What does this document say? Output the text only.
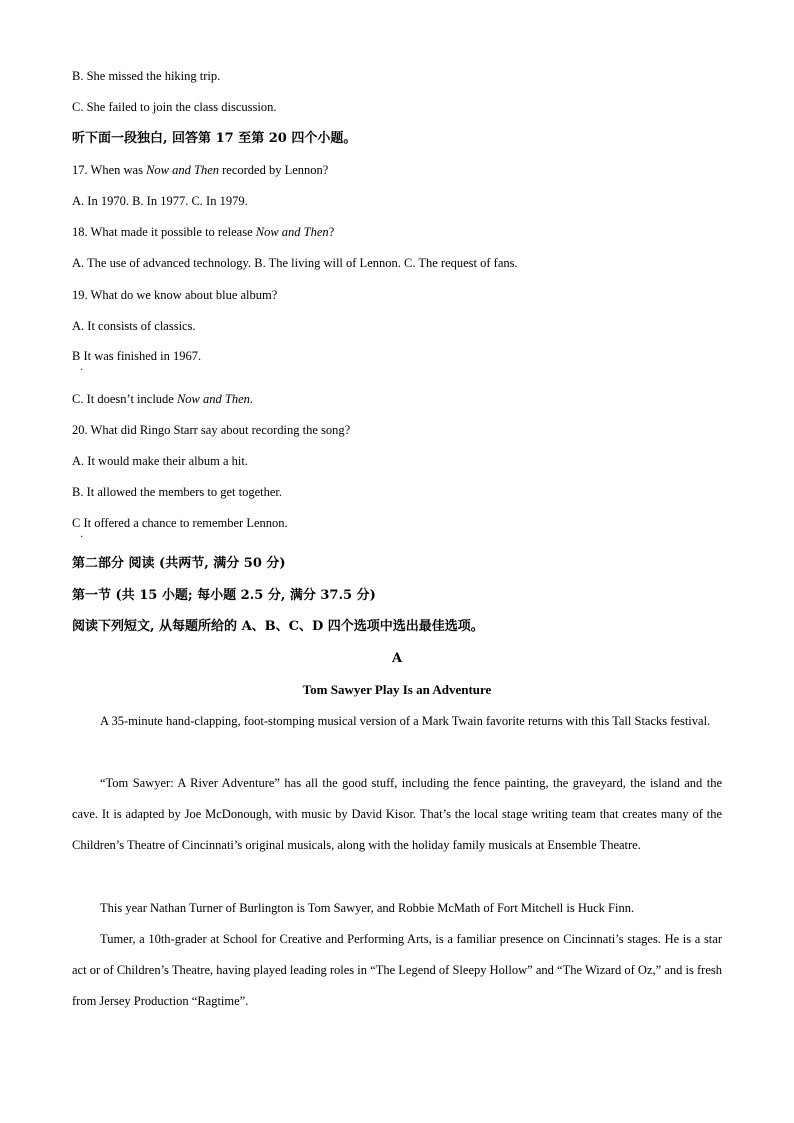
B. She missed the hiking trip.
C. She failed to join the class discussion.
听下面一段独白, 回答第 17 至第 20 四个小题。
17. When was Now and Then recorded by Lennon?
A. In 1970. B. In 1977. C. In 1979.
18. What made it possible to release Now and Then?
A. The use of advanced technology. B. The living will of Lennon. C. The request of fans.
19. What do we know about blue album?
A. It consists of classics.
B It was finished in 1967.
·
C. It doesn’t include Now and Then.
20. What did Ringo Starr say about recording the song?
A. It would make their album a hit.
B. It allowed the members to get together.
C It offered a chance to remember Lennon.
·
第二部分 阅读 (共两节, 满分 50 分)
第一节 (共 15 小题; 每小题 2.5 分, 满分 37.5 分)
阅读下列短文, 从每题所给的 A、B、C、D 四个选项中选出最佳选项。
A
Tom Sawyer Play Is an Adventure
A 35-minute hand-clapping, foot-stomping musical version of a Mark Twain favorite returns with this Tall Stacks festival.
“Tom Sawyer: A River Adventure” has all the good stuff, including the fence painting, the graveyard, the island and the cave. It is adapted by Joe McDonough, with music by David Kisor. That’s the local stage writing team that creates many of the Children’s Theatre of Cincinnati’s original musicals, along with the holiday family musicals at Ensemble Theatre.
This year Nathan Turner of Burlington is Tom Sawyer, and Robbie McMath of Fort Mitchell is Huck Finn.
Tumer, a 10th-grader at School for Creative and Performing Arts, is a familiar presence on Cincinnati’s stages. He is a star act or of Children’s Theatre, having played leading roles in “The Legend of Sleepy Hollow” and “The Wizard of Oz,” and is fresh from Jersey Production “Ragtime”.
